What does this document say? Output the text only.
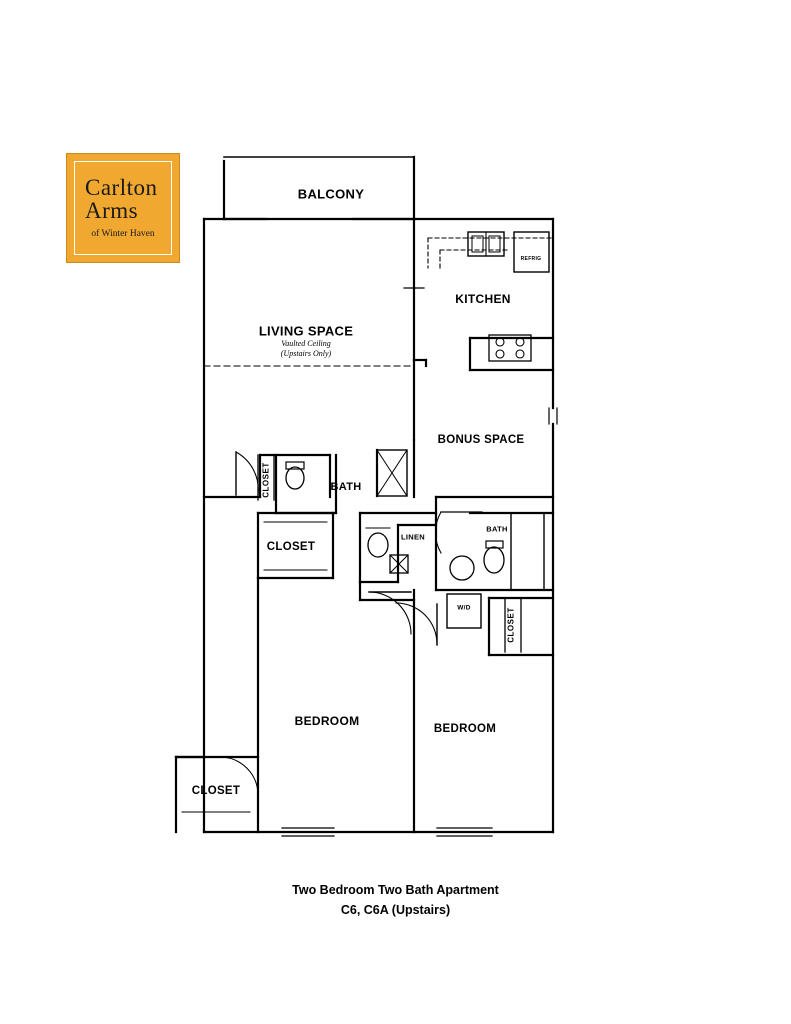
Carlton
Arms
of Winter Haven
BALCONY
LIVING SPACE
Vaulted Ceiling
(Upstairs Only)
KITCHEN
REFRIG
BONUS SPACE
BATH
CLOSET
LINEN
BATH
W/D
BEDROOM
BEDROOM
CLOSET
CLOSET
CLOSET
Two Bedroom Two Bath Apartment
C6, C6A (Upstairs)
